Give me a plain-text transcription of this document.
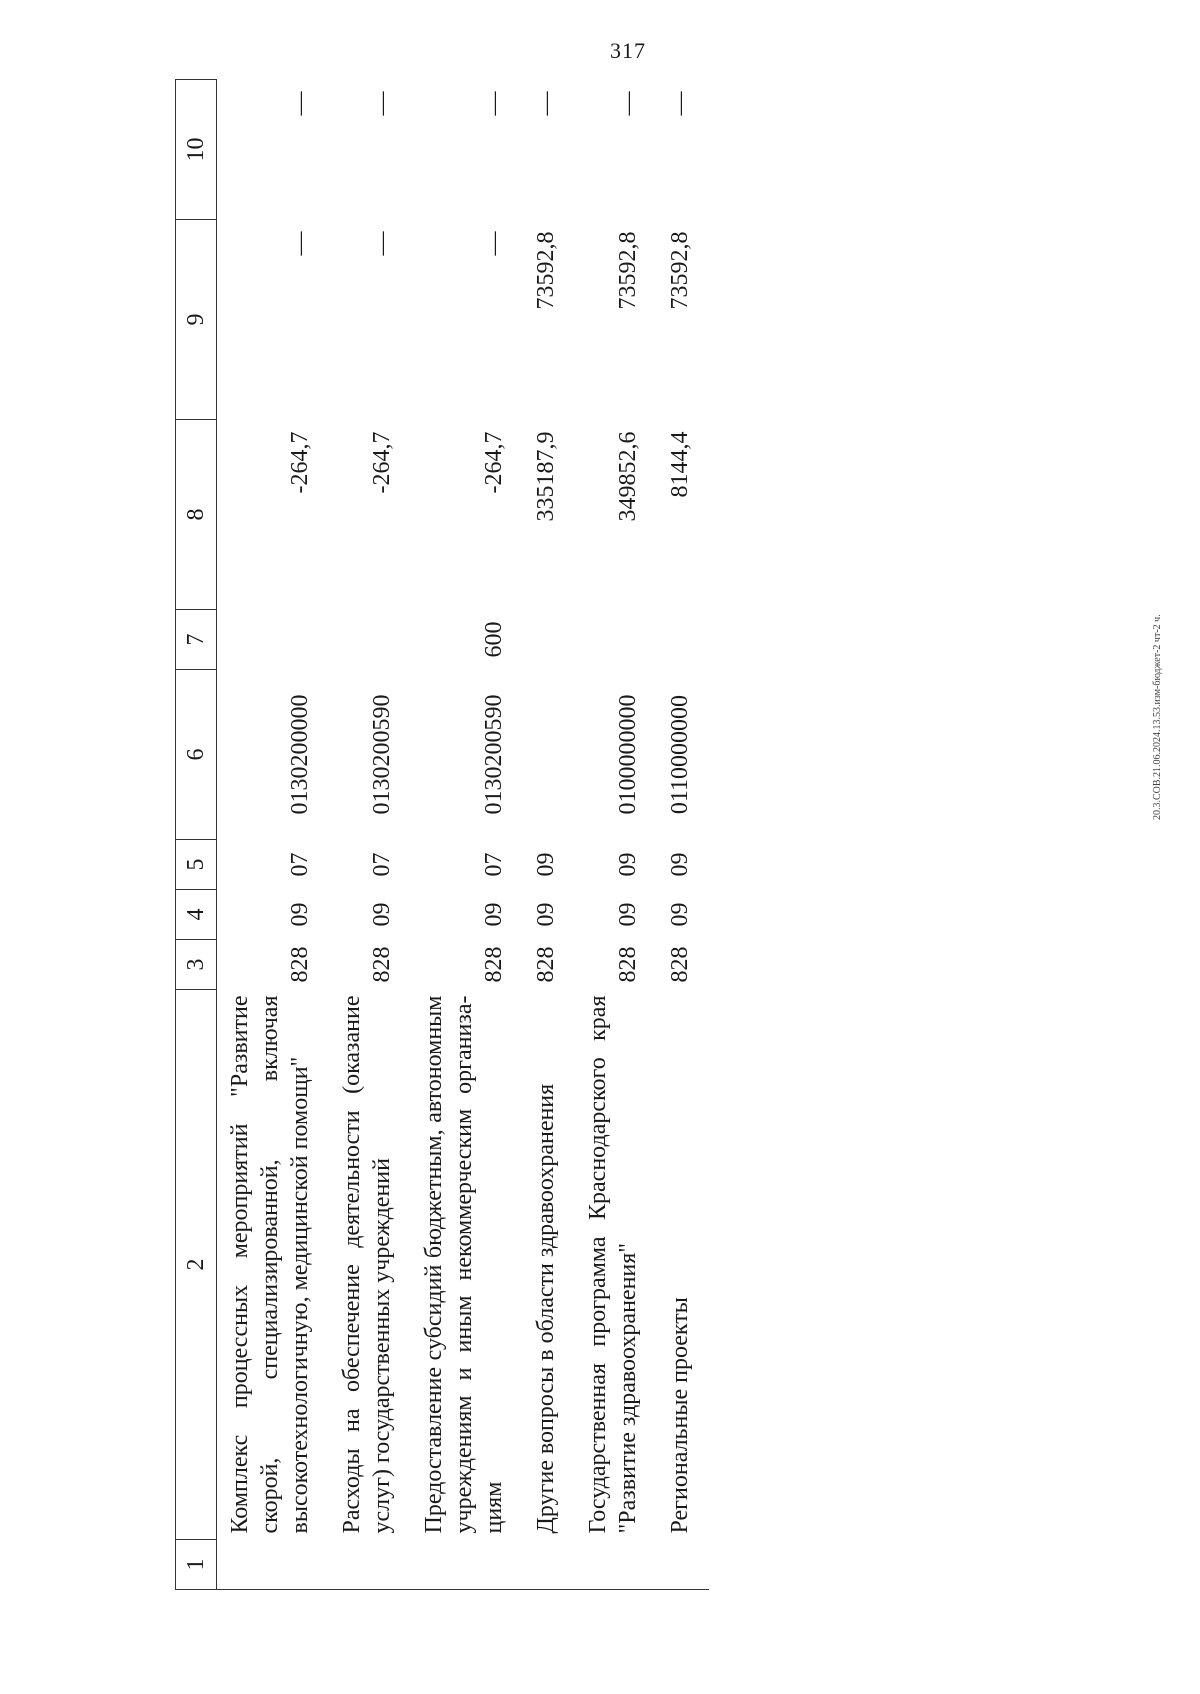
317
20.3.СОВ.21.06.2024.13.53.изм-бюджет-2 чт-2 ч.
1	2	3	4	5	6	7	8	9	10
	Комплекс процессных мероприятий "Развитие скорой, специализированной, включая высокотехнологичную, медицинской помощи"	828	09	07	0130200000		-264,7	—	—
	Расходы на обеспечение деятельности (оказание услуг) государственных учреждений	828	09	07	0130200590		-264,7	—	—
	Предоставление субсидий бюджетным, автономным учреждениям и иным некоммерческим организациям	828	09	07	0130200590	600	-264,7	—	—
	Другие вопросы в области здравоохранения	828	09	09			335187,9	73592,8	—
	Государственная программа Краснодарского края "Развитие здравоохранения"	828	09	09	0100000000		349852,6	73592,8	—
	Региональные проекты	828	09	09	0110000000		8144,4	73592,8	—
